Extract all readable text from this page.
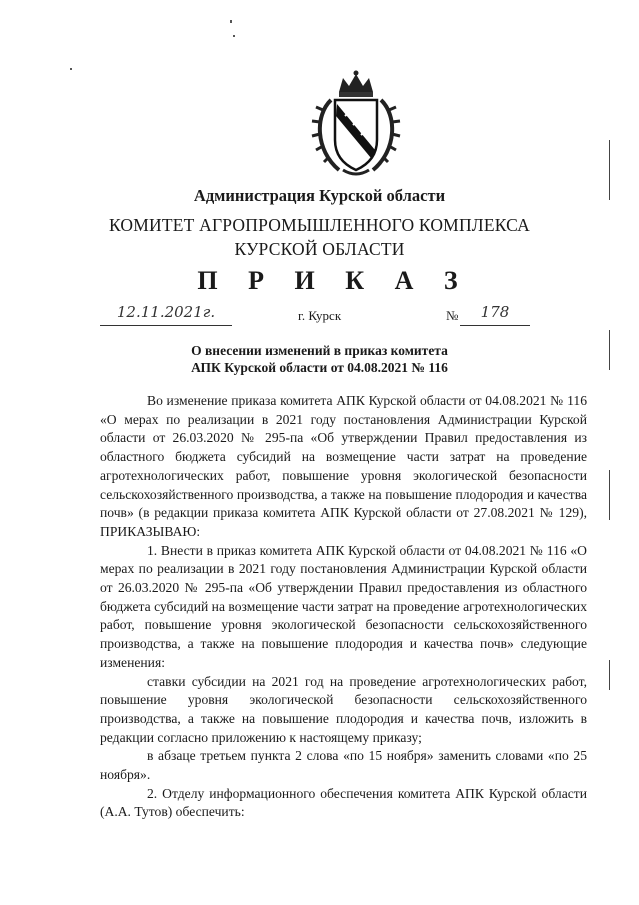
Администрация Курской области
КОМИТЕТ АГРОПРОМЫШЛЕННОГО КОМПЛЕКСА
КУРСКОЙ ОБЛАСТИ
П Р И К А З
12.11.2021г.	г. Курск	№	178
О внесении изменений в приказ комитета
АПК Курской области от 04.08.2021 № 116

Во изменение приказа комитета АПК Курской области от 04.08.2021 № 116 «О мерах по реализации в 2021 году постановления Администрации Курской области от 26.03.2020 № 295-па «Об утверждении Правил предоставления из областного бюджета субсидий на возмещение части затрат на проведение агротехнологических работ, повышение уровня экологической безопасности сельскохозяйственного производства, а также на повышение плодородия и качества почв» (в редакции приказа комитета АПК Курской области от 27.08.2021 № 129), ПРИКАЗЫВАЮ:

1. Внести в приказ комитета АПК Курской области от 04.08.2021 № 116 «О мерах по реализации в 2021 году постановления Администрации Курской области от 26.03.2020 № 295-па «Об утверждении Правил предоставления из областного бюджета субсидий на возмещение части затрат на проведение агротехнологических работ, повышение уровня экологической безопасности сельскохозяйственного производства, а также на повышение плодородия и качества почв» следующие изменения:

ставки субсидии на 2021 год на проведение агротехнологических работ, повышение уровня экологической безопасности сельскохозяйственного производства, а также на повышение плодородия и качества почв, изложить в редакции согласно приложению к настоящему приказу;

в абзаце третьем пункта 2 слова «по 15 ноября» заменить словами «по 25 ноября».

2. Отделу информационного обеспечения комитета АПК Курской области (А.А. Тутов) обеспечить:
